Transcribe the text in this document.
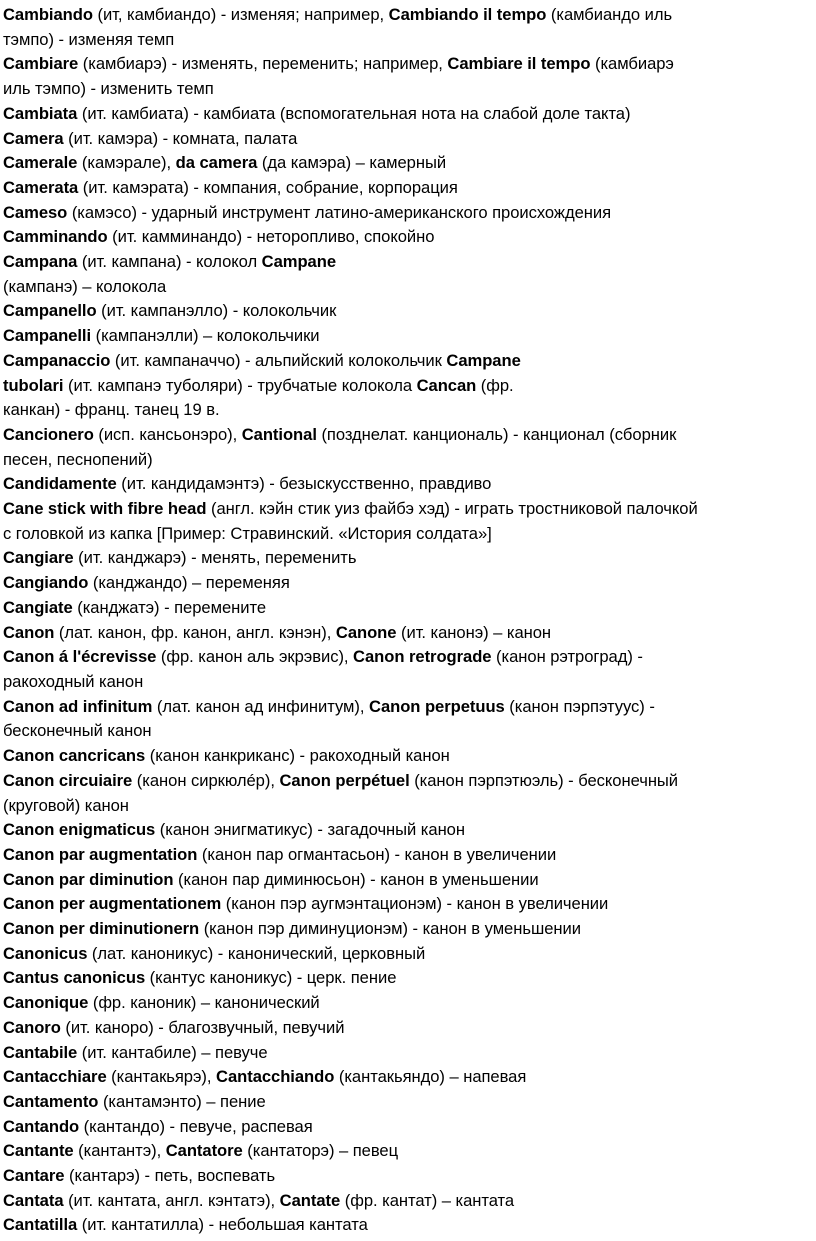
Cambiando (ит, камбиандо) - изменяя; например, Cambiando il tempo (камбиандо иль
тэмпо) - изменяя темп
Cambiare (камбиарэ) - изменять, переменить; например, Cambiare il tempo (камбиарэ
иль тэмпо) - изменить темп
Cambiata (ит. камбиата) - камбиата (вспомогательная нота на слабой доле такта)
Camera (ит. камэра) - комната, палата
Camerale (камэрале), da camera (да камэра) – камерный
Camerata (ит. камэрата) - компания, собрание, корпорация
Cameso (камэсо) - ударный инструмент латино-американского происхождения
Camminando (ит. камминандо) - неторопливо, спокойно
Campana (ит. кампана) - колокол Campane
(кампанэ) – колокола
Campanello (ит. кампанэлло) - колокольчик
Campanelli (кампанэлли) – колокольчики
Campanaccio (ит. кампаначчо) - альпийский колокольчик Campane
tubolari (ит. кампанэ туболяри) - трубчатые колокола Cancan (фр.
канкан) - франц. танец 19 в.
Cancionero (исп. кансьонэро), Cantional (позднелат. канциональ) - канционал (сборник
песен, песнопений)
Candidamente (ит. кандидамэнтэ) - безыскусственно, правдиво
Cane stick with fibre head (англ. кэйн стик уиз файбэ хэд) - играть тростниковой палочкой
с головкой из капка [Пример: Стравинский. «История солдата»]
Cangiare (ит. канджарэ) - менять, переменить
Cangiando (канджандо) – переменяя
Cangiate (канджатэ) - перемените
Canon (лат. канон, фр. канон, англ. кэнэн), Canone (ит. канонэ) – канон
Canon á l'écrevisse (фр. канон аль экрэвис), Canon retrograde (канон рэтроград) -
ракоходный канон
Canon ad infinitum (лат. канон ад инфинитум), Canon perpetuus (канон пэрпэтуус) -
бесконечный канон
Canon cancricans (канон канкриканс) - ракоходный канон
Canon circuiaire (канон сиркюлéр), Canon perpétuel (канон пэрпэтюэль) - бесконечный
(круговой) канон
Canon enigmaticus (канон энигматикус) - загадочный канон
Canon par augmentation (канон пар огмантасьон) - канон в увеличении
Canon par diminution (канон пар диминюсьон) - канон в уменьшении
Canon per augmentationem (канон пэр аугмэнтационэм) - канон в увеличении
Canon per diminutionern (канон пэр диминуционэм) - канон в уменьшении
Canonicus (лат. каноникус) - канонический, церковный
Cantus canonicus (кантус каноникус) - церк. пение
Canonique (фр. каноник) – канонический
Canoro (ит. каноро) - благозвучный, певучий
Cantabile (ит. кантабиле) – певуче
Cantacchiare (кантакьярэ), Cantacchiando (кантакьяндо) – напевая
Cantamento (кантамэнто) – пение
Cantando (кантандо) - певуче, распевая
Cantante (кантантэ), Cantatore (кантаторэ) – певец
Cantare (кантарэ) - петь, воспевать
Cantata (ит. кантата, англ. кэнтатэ), Cantate (фр. кантат) – кантата
Cantatilla (ит. кантатилла) - небольшая кантата
